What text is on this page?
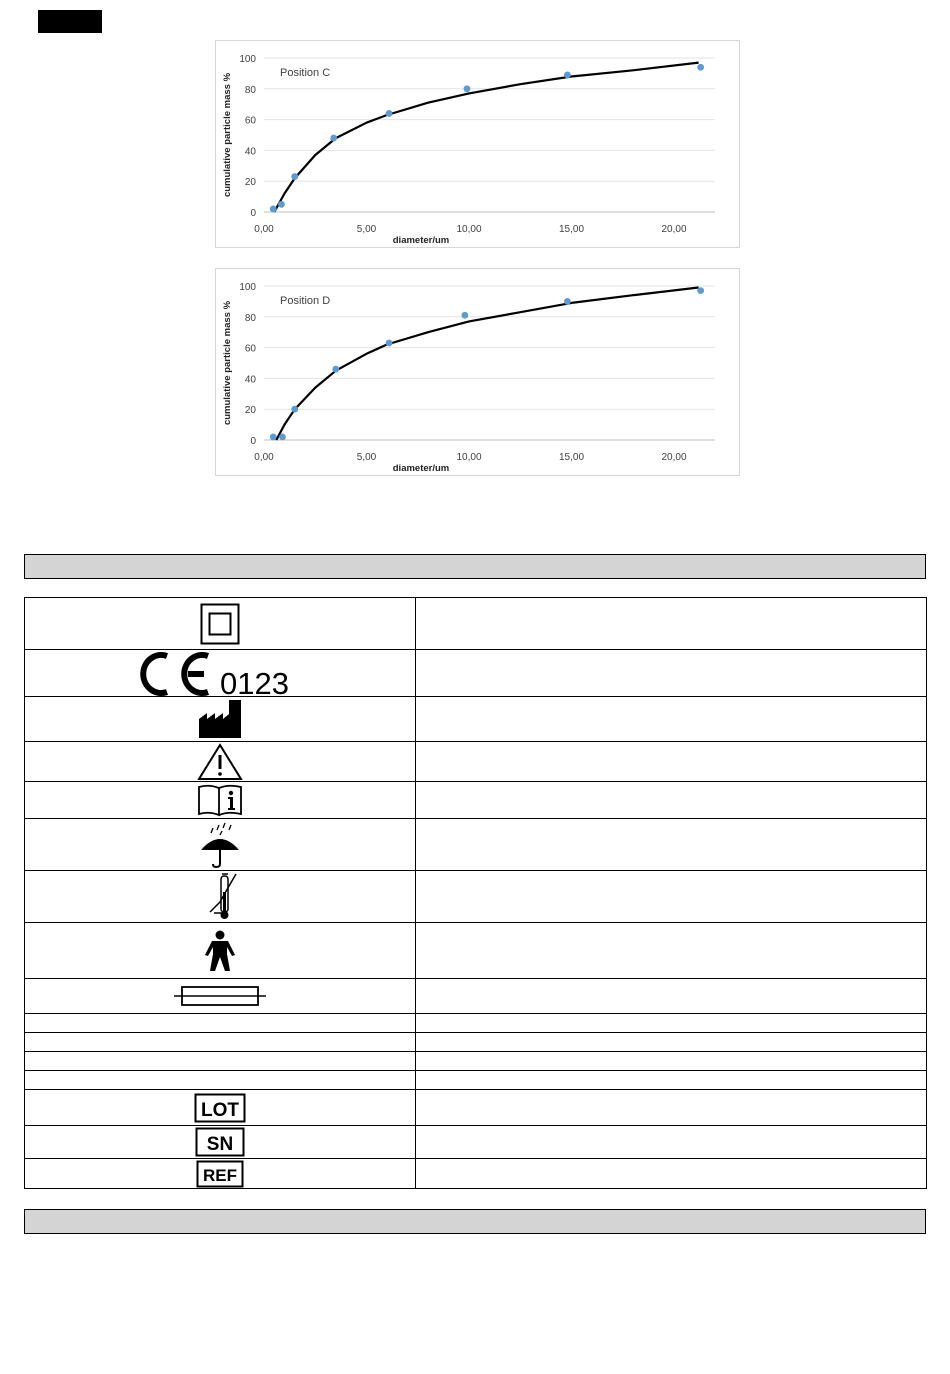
0
20
40
60
80
100
0,00	5,00	10,00	15,00	20,00
diameter/um
cumulative particle mass %	Position C
0
20
40
60
80
100
0,00	5,00	10,00	15,00	20,00
diameter/um
cumulative particle mass %	Position D

0123	

LOT	

SN	

REF	
